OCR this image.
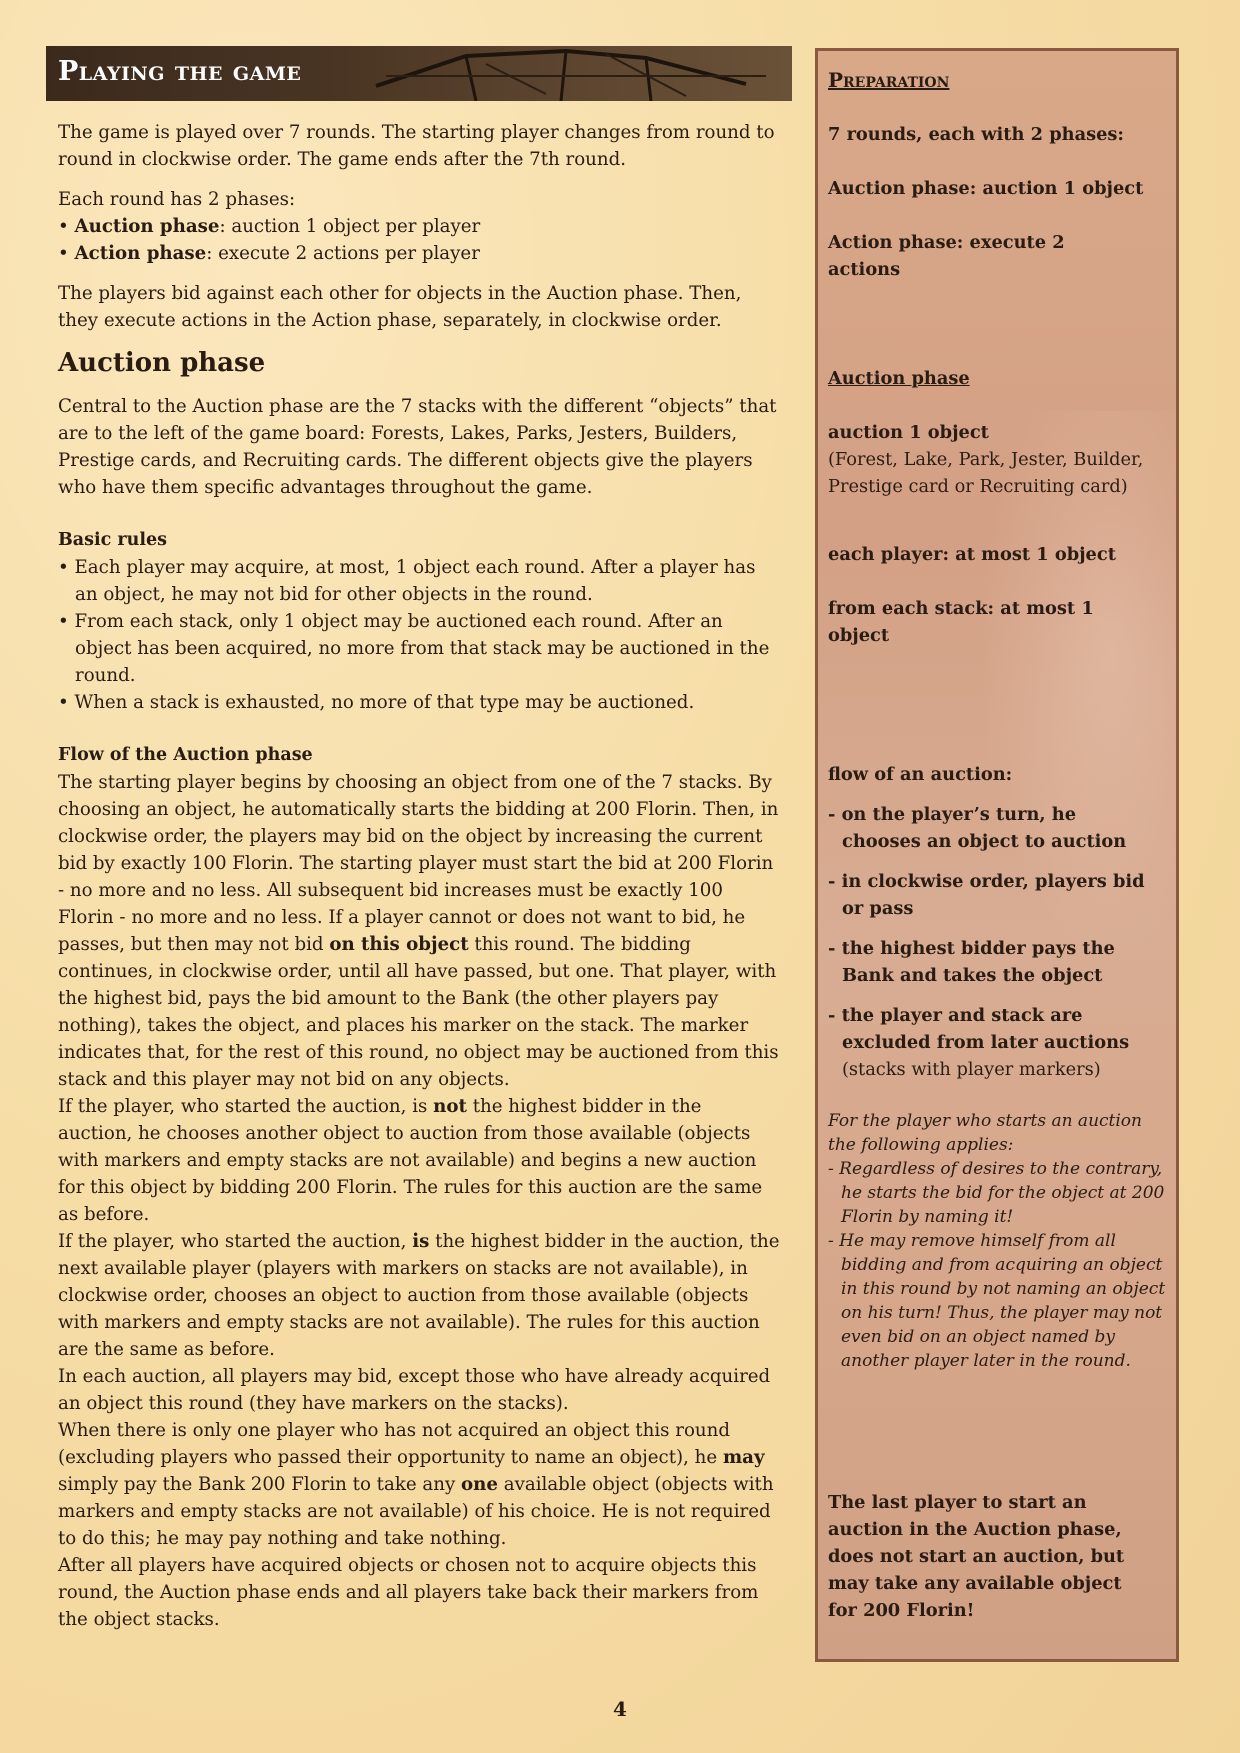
Playing the game

The game is played over 7 rounds. The starting player changes from round to round in clockwise order. The game ends after the 7th round.

Each round has 2 phases:

• Auction phase: auction 1 object per player

• Action phase: execute 2 actions per player

The players bid against each other for objects in the Auction phase. Then, they execute actions in the Action phase, separately, in clockwise order.

Auction phase

Central to the Auction phase are the 7 stacks with the different “objects” that are to the left of the game board: Forests, Lakes, Parks, Jesters, Builders, Prestige cards, and Recruiting cards. The different objects give the players who have them specific advantages throughout the game.

Basic rules

• Each player may acquire, at most, 1 object each round. After a player has an object, he may not bid for other objects in the round.

• From each stack, only 1 object may be auctioned each round. After an object has been acquired, no more from that stack may be auctioned in the round.

• When a stack is exhausted, no more of that type may be auctioned.

Flow of the Auction phase

The starting player begins by choosing an object from one of the 7 stacks. By choosing an object, he automatically starts the bidding at 200 Florin. Then, in clockwise order, the players may bid on the object by increasing the current bid by exactly 100 Florin. The starting player must start the bid at 200 Florin - no more and no less. All subsequent bid increases must be exactly 100 Florin - no more and no less. If a player cannot or does not want to bid, he passes, but then may not bid on this object this round. The bidding continues, in clockwise order, until all have passed, but one. That player, with the highest bid, pays the bid amount to the Bank (the other players pay nothing), takes the object, and places his marker on the stack. The marker indicates that, for the rest of this round, no object may be auctioned from this stack and this player may not bid on any objects.

If the player, who started the auction, is not the highest bidder in the auction, he chooses another object to auction from those available (objects with markers and empty stacks are not available) and begins a new auction for this object by bidding 200 Florin. The rules for this auction are the same as before.

If the player, who started the auction, is the highest bidder in the auction, the next available player (players with markers on stacks are not available), in clockwise order, chooses an object to auction from those available (objects with markers and empty stacks are not available). The rules for this auction are the same as before.

In each auction, all players may bid, except those who have already acquired an object this round (they have markers on the stacks).

When there is only one player who has not acquired an object this round (excluding players who passed their opportunity to name an object), he may simply pay the Bank 200 Florin to take any one available object (objects with markers and empty stacks are not available) of his choice. He is not required to do this; he may pay nothing and take nothing.

After all players have acquired objects or chosen not to acquire objects this round, the Auction phase ends and all players take back their markers from the object stacks.

Preparation
7 rounds, each with 2 phases:
Auction phase: auction 1 object
Action phase: execute 2 actions
Auction phase
auction 1 object
(Forest, Lake, Park, Jester, Builder, Prestige card or Recruiting card)
each player: at most 1 object
from each stack: at most 1 object
flow of an auction:
- on the player’s turn, he chooses an object to auction
- in clockwise order, players bid or pass
- the highest bidder pays the Bank and takes the object
- the player and stack are excluded from later auctions
(stacks with player markers)
For the player who starts an auction the following applies:
- Regardless of desires to the contrary, he starts the bid for the object at 200 Florin by naming it!
- He may remove himself from all bidding and from acquiring an object in this round by not naming an object on his turn! Thus, the player may not even bid on an object named by another player later in the round.
The last player to start an auction in the Auction phase, does not start an auction, but may take any available object for 200 Florin!
4
